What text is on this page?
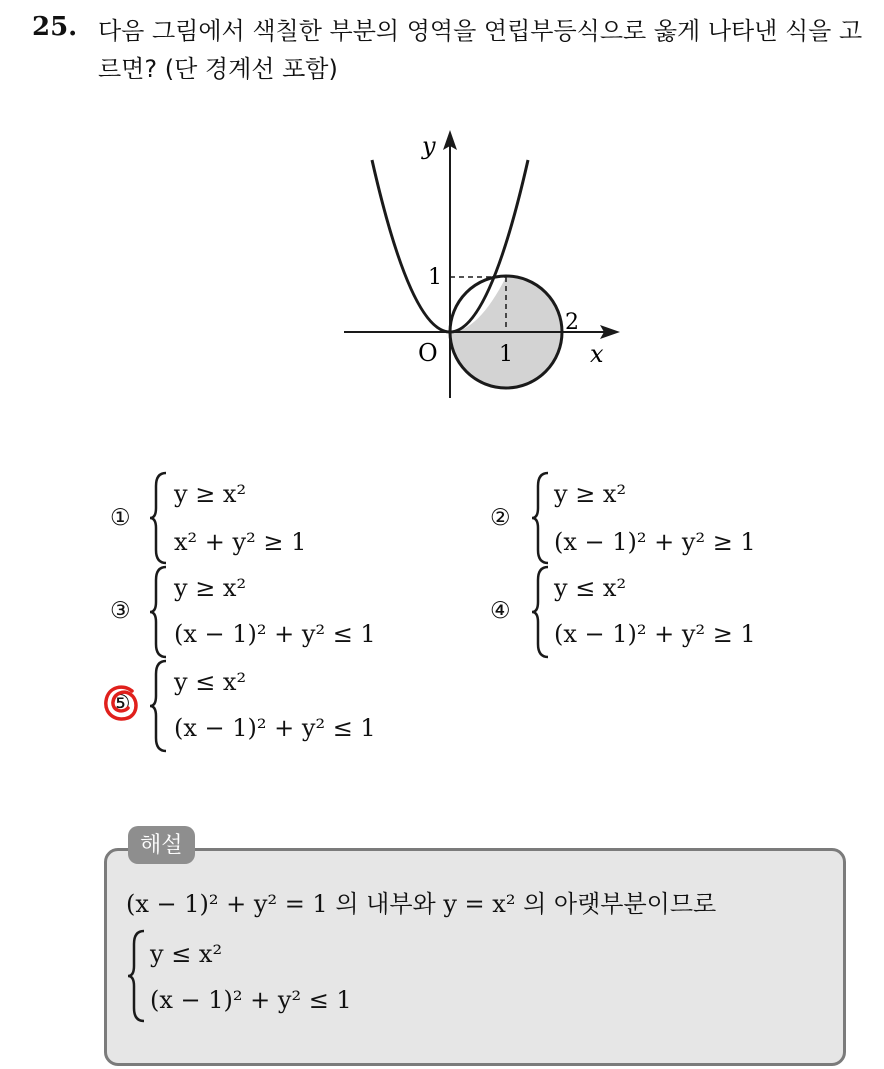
25. 다음 그림에서 색칠한 부분의 영역을 연립부등식으로 옳게 나타낸 식을 고르면? (단 경계선 포함)
y
x
O
1
1
2
①
y ≥ x²
x² + y² ≥ 1
②
y ≥ x²
(x − 1)² + y² ≥ 1
③
y ≥ x²
(x − 1)² + y² ≤ 1
④
y ≤ x²
(x − 1)² + y² ≥ 1
⑤
y ≤ x²
(x − 1)² + y² ≤ 1
해설
(x − 1)² + y² = 1 의 내부와 y = x² 의 아랫부분이므로
y ≤ x²
(x − 1)² + y² ≤ 1
